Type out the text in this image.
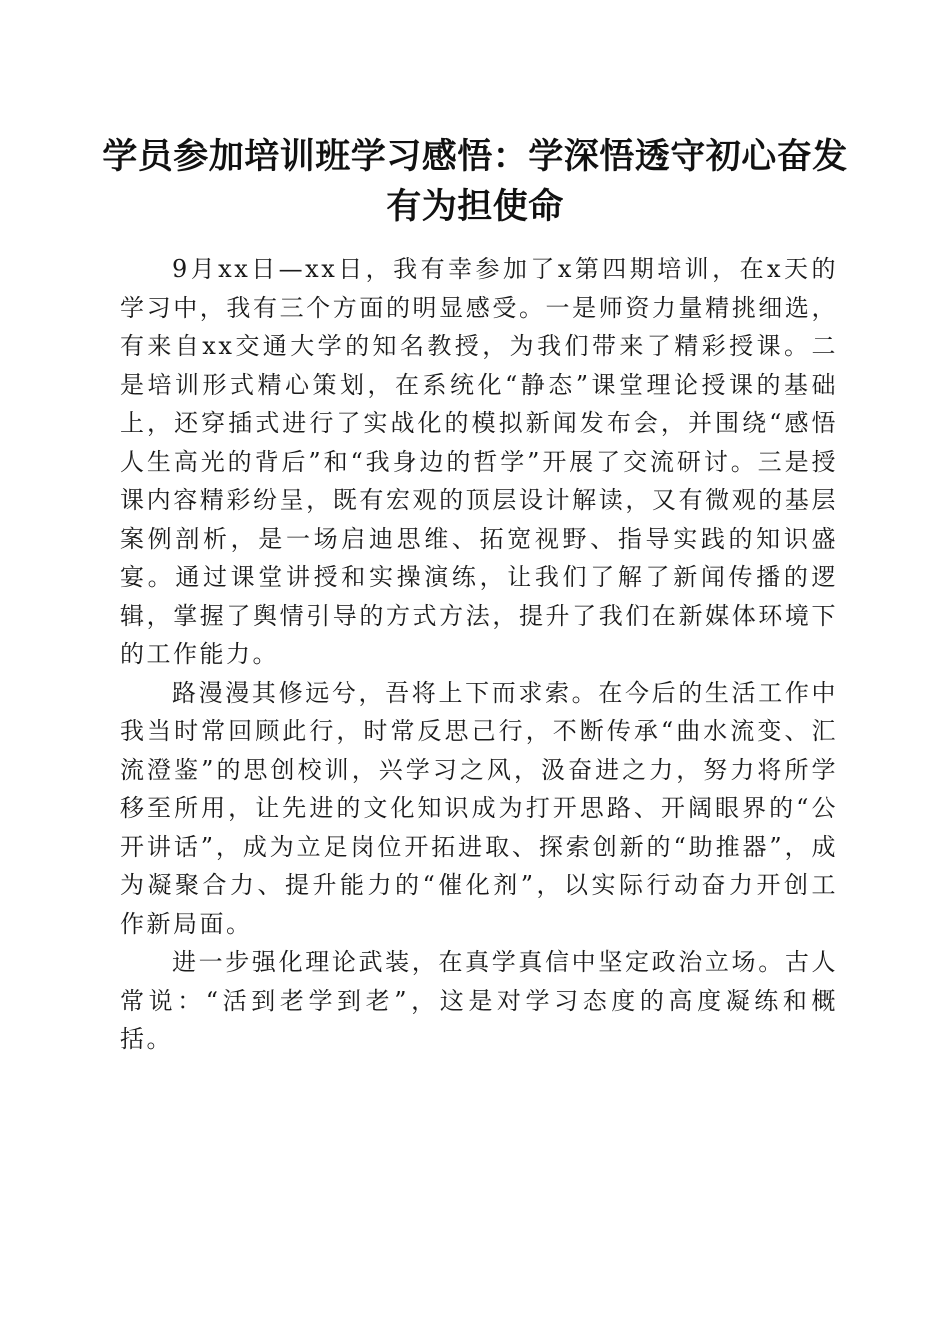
学员参加培训班学习感悟：学深悟透守初心奋发有为担使命

9月xx日—xx日，我有幸参加了x第四期培训，在x天的学习中，我有三个方面的明显感受。一是师资力量精挑细选，有来自xx交通大学的知名教授，为我们带来了精彩授课。二是培训形式精心策划，在系统化“静态”课堂理论授课的基础上，还穿插式进行了实战化的模拟新闻发布会，并围绕“感悟人生高光的背后”和“我身边的哲学”开展了交流研讨。三是授课内容精彩纷呈，既有宏观的顶层设计解读，又有微观的基层案例剖析，是一场启迪思维、拓宽视野、指导实践的知识盛宴。通过课堂讲授和实操演练，让我们了解了新闻传播的逻辑，掌握了舆情引导的方式方法，提升了我们在新媒体环境下的工作能力。

路漫漫其修远兮，吾将上下而求索。在今后的生活工作中我当时常回顾此行，时常反思己行，不断传承“曲水流变、汇流澄鉴”的思创校训，兴学习之风，汲奋进之力，努力将所学移至所用，让先进的文化知识成为打开思路、开阔眼界的“公开讲话”，成为立足岗位开拓进取、探索创新的“助推器”，成为凝聚合力、提升能力的“催化剂”，以实际行动奋力开创工作新局面。

进一步强化理论武装，在真学真信中坚定政治立场。古人常说：“活到老学到老”，这是对学习态度的高度凝练和概括。
